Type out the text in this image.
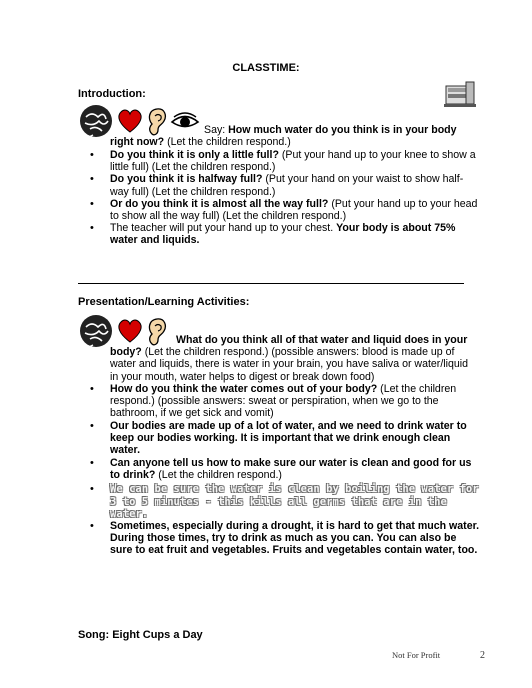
CLASSTIME:
Introduction:
Say: How much water do you think is in your body right now? (Let the children respond.)
• Do you think it is only a little full? (Put your hand up to your knee to show a little full) (Let the children respond.)
• Do you think it is halfway full? (Put your hand on your waist to show half-way full) (Let the children respond.)
• Or do you think it is almost all the way full? (Put your hand up to your head to show all the way full) (Let the children respond.)
• The teacher will put your hand up to your chest. Your body is about 75% water and liquids.
Presentation/Learning Activities:
What do you think all of that water and liquid does in your body? (Let the children respond.) (possible answers: blood is made up of water and liquids, there is water in your brain, you have saliva or water/liquid in your mouth, water helps to digest or break down food)
• How do you think the water comes out of your body? (Let the children respond.) (possible answers: sweat or perspiration, when we go to the bathroom, if we get sick and vomit)
• Our bodies are made up of a lot of water, and we need to drink water to keep our bodies working. It is important that we drink enough clean water.
• Can anyone tell us how to make sure our water is clean and good for us to drink? (Let the children respond.)
• We can be sure the water is clean by boiling the water for 3 to 5 minutes - this kills all germs that are in the water.
• Sometimes, especially during a drought, it is hard to get that much water. During those times, try to drink as much as you can. You can also be sure to eat fruit and vegetables. Fruits and vegetables contain water, too.
Song: Eight Cups a Day
Not For Profit	2
